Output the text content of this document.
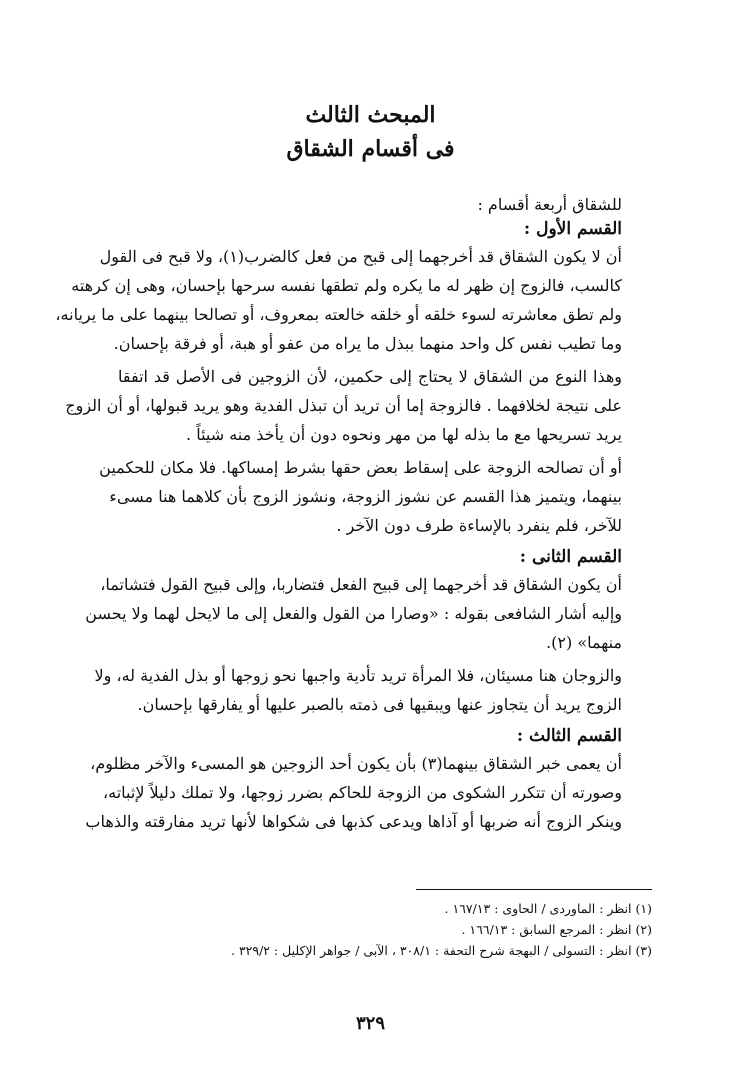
المبحث الثالث

فى أقسام الشقاق

للشقاق أربعة أقسام :

القسم الأول :

أن لا يكون الشقاق قد أخرجهما إلى قبح من فعل كالضرب(١)، ولا قبح فى القول

كالسب، فالزوج إن ظهر له ما يكره ولم تطقها نفسه سرحها بإحسان، وهى إن كرهته

ولم تطق معاشرته لسوء خلقه أو خلقه خالعته بمعروف، أو تصالحا بينهما على ما يريانه،

وما تطيب نفس كل واحد منهما ببذل ما يراه من عفو أو هبة، أو فرقة بإحسان.

وهذا النوع من الشقاق لا يحتاج إلى حكمين، لأن الزوجين فى الأصل قد اتفقا

على نتيجة لخلافهما . فالزوجة إما أن تريد أن تبذل الفدية وهو يريد قبولها، أو أن الزوج

يريد تسريحها مع ما بذله لها من مهر ونحوه دون أن يأخذ منه شيئاً .

أو أن تصالحه الزوجة على إسقاط بعض حقها بشرط إمساكها. فلا مكان للحكمين

بينهما، ويتميز هذا القسم عن نشوز الزوجة، ونشوز الزوج بأن كلاهما هنا مسىء

للآخر، فلم ينفرد بالإساءة طرف دون الآخر .

القسم الثانى :

أن يكون الشقاق قد أخرجهما إلى قبيح الفعل فتضاربا، وإلى قبيح القول فتشاتما،

وإليه أشار الشافعى بقوله : «وصارا من القول والفعل إلى ما لايحل لهما ولا يحسن

منهما» (٢).

والزوجان هنا مسيئان، فلا المرأة تريد تأدية واجبها نحو زوجها أو بذل الفدية له، ولا

الزوج يريد أن يتجاوز عنها ويبقيها فى ذمته بالصبر عليها أو يفارقها بإحسان.

القسم الثالث :

أن يعمى خبر الشقاق بينهما(٣) بأن يكون أحد الزوجين هو المسىء والآخر مظلوم،

وصورته أن تتكرر الشكوى من الزوجة للحاكم بضرر زوجها، ولا تملك دليلاً لإثباته،

وينكر الزوج أنه ضربها أو آذاها ويدعى كذبها فى شكواها لأنها تريد مفارقته والذهاب

(١) انظر : الماوردى / الحاوى : ١٦٧/١٣ .

(٢) انظر : المرجع السابق : ١٦٦/١٣ .

(٣) انظر : التسولى / البهجة شرح التحفة : ٣٠٨/١ ، الآبى / جواهر الإكليل : ٣٢٩/٢ .

٣٢٩
